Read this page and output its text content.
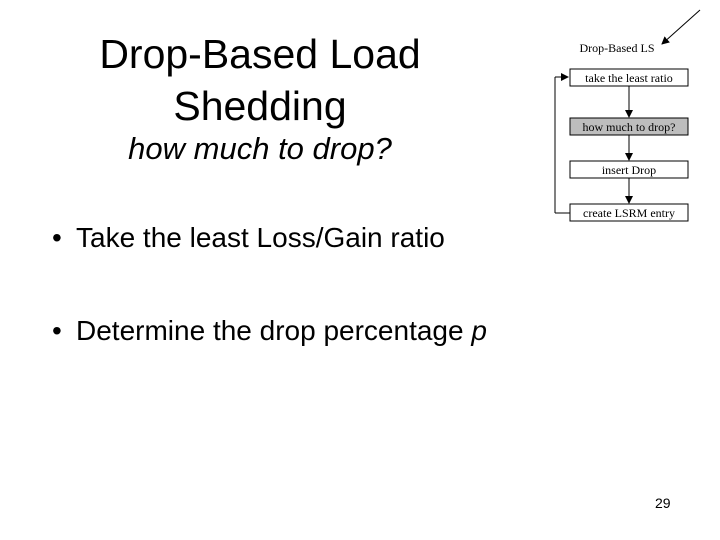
Drop-Based Load
Shedding
how much to drop?
• Take the least Loss/Gain ratio
• Determine the drop percentage p
Drop-Based LS
take the least ratio
how much to drop?
insert Drop
create LSRM entry
29
